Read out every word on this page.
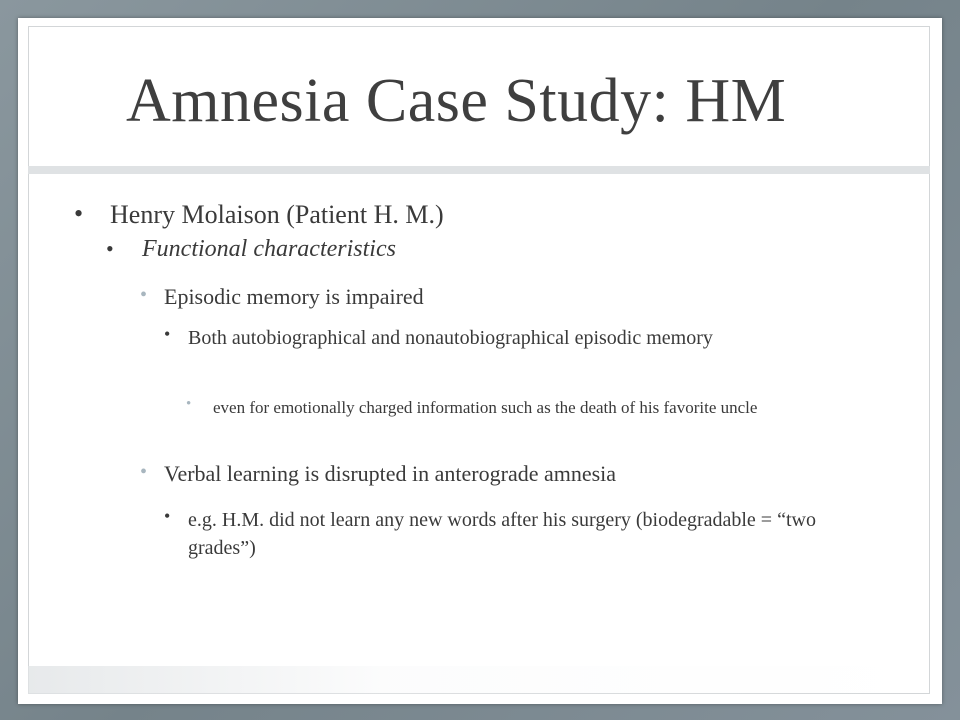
Amnesia Case Study: HM
• Henry Molaison (Patient H. M.)
• Functional characteristics
• Episodic memory is impaired
• Both autobiographical and nonautobiographical episodic memory
• even for emotionally charged information such as the death of his favorite uncle
• Verbal learning is disrupted in anterograde amnesia
• e.g. H.M. did not learn any new words after his surgery (biodegradable = “two grades”)
